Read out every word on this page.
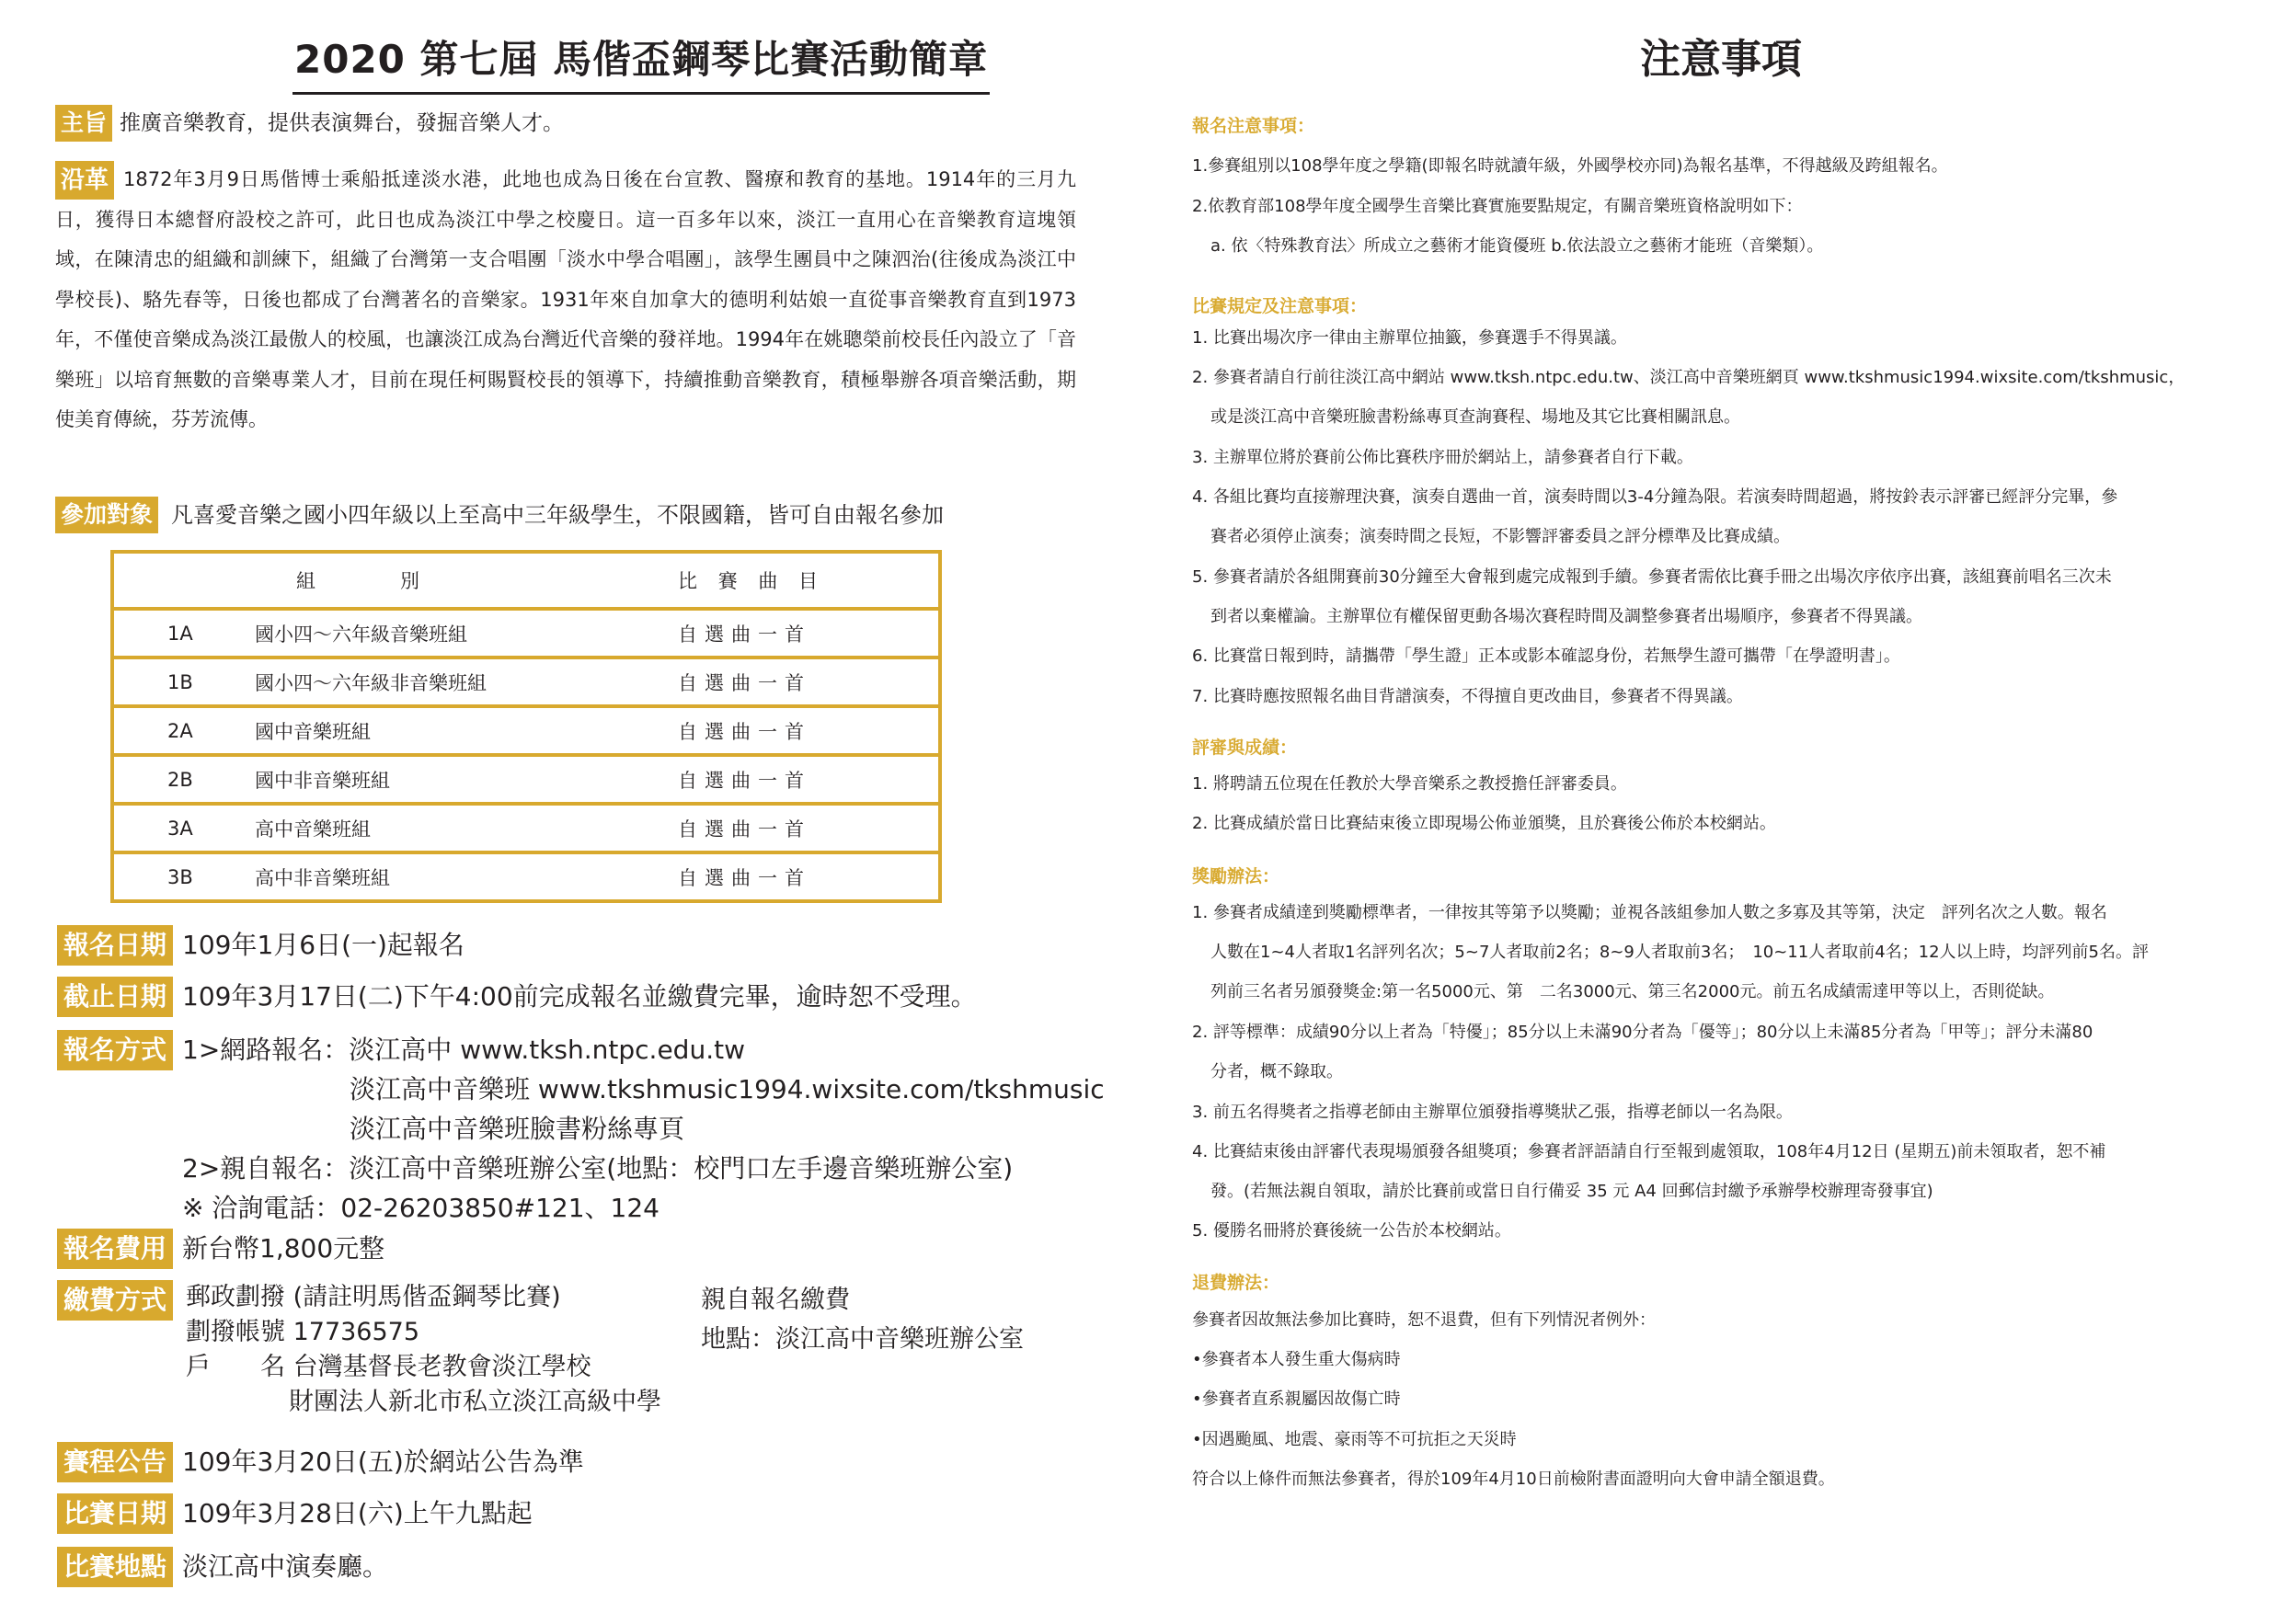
2020 第七屆 馬偕盃鋼琴比賽活動簡章
主旨 推廣音樂教育，提供表演舞台，發掘音樂人才。
沿革 1872年3月9日馬偕博士乘船抵達淡水港，此地也成為日後在台宣教、醫療和教育的基地。1914年的三月九日，獲得日本總督府設校之許可，此日也成為淡江中學之校慶日。這一百多年以來，淡江一直用心在音樂教育這塊領域，在陳清忠的組織和訓練下，組織了台灣第一支合唱團「淡水中學合唱團」，該學生團員中之陳泗治(往後成為淡江中學校長)、駱先春等，日後也都成了台灣著名的音樂家。1931年來自加拿大的德明利姑娘一直從事音樂教育直到1973 年，不僅使音樂成為淡江最傲人的校風，也讓淡江成為台灣近代音樂的發祥地。1994年在姚聰榮前校長任內設立了「音樂班」以培育無數的音樂專業人才，目前在現任柯賜賢校長的領導下，持續推動音樂教育，積極舉辦各項音樂活動，期使美育傳統，芬芳流傳。
參加對象 凡喜愛音樂之國小四年級以上至高中三年級學生，不限國籍，皆可自由報名參加
組 別		比 賽 曲 目
1A	國小四～六年級音樂班組	自選曲一首
1B	國小四～六年級非音樂班組	自選曲一首
2A	國中音樂班組	自選曲一首
2B	國中非音樂班組	自選曲一首
3A	高中音樂班組	自選曲一首
3B	高中非音樂班組	自選曲一首
報名日期 109年1月6日(一)起報名
截止日期 109年3月17日(二)下午4:00前完成報名並繳費完畢，逾時恕不受理。
報名方式 1>網路報名：淡江高中 www.tksh.ntpc.edu.tw
淡江高中音樂班 www.tkshmusic1994.wixsite.com/tkshmusic
淡江高中音樂班臉書粉絲專頁
2>親自報名：淡江高中音樂班辦公室(地點：校門口左手邊音樂班辦公室)
※ 洽詢電話：02-26203850#121、124
報名費用 新台幣1,800元整
繳費方式 郵政劃撥 (請註明馬偕盃鋼琴比賽)
劃撥帳號 17736575
戶　　名 台灣基督長老教會淡江學校
財團法人新北市私立淡江高級中學
親自報名繳費
地點：淡江高中音樂班辦公室
賽程公告 109年3月20日(五)於網站公告為準
比賽日期 109年3月28日(六)上午九點起
比賽地點 淡江高中演奏廳。
注意事項
報名注意事項：
1.參賽組別以108學年度之學籍(即報名時就讀年級，外國學校亦同)為報名基準，不得越級及跨組報名。
2.依教育部108學年度全國學生音樂比賽實施要點規定，有關音樂班資格說明如下：
a. 依〈特殊教育法〉所成立之藝術才能資優班 b.依法設立之藝術才能班（音樂類）。
比賽規定及注意事項：
1. 比賽出場次序一律由主辦單位抽籤，參賽選手不得異議。
2. 參賽者請自行前往淡江高中網站 www.tksh.ntpc.edu.tw、淡江高中音樂班網頁 www.tkshmusic1994.wixsite.com/tkshmusic，
或是淡江高中音樂班臉書粉絲專頁查詢賽程、場地及其它比賽相關訊息。
3. 主辦單位將於賽前公佈比賽秩序冊於網站上，請參賽者自行下載。
4. 各組比賽均直接辦理決賽，演奏自選曲一首，演奏時間以3-4分鐘為限。若演奏時間超過，將按鈴表示評審已經評分完畢，參
賽者必須停止演奏；演奏時間之長短，不影響評審委員之評分標準及比賽成績。
5. 參賽者請於各組開賽前30分鐘至大會報到處完成報到手續。參賽者需依比賽手冊之出場次序依序出賽，該組賽前唱名三次未
到者以棄權論。主辦單位有權保留更動各場次賽程時間及調整參賽者出場順序，參賽者不得異議。
6. 比賽當日報到時，請攜帶「學生證」正本或影本確認身份，若無學生證可攜帶「在學證明書」。
7. 比賽時應按照報名曲目背譜演奏，不得擅自更改曲目，參賽者不得異議。
評審與成績：
1. 將聘請五位現在任教於大學音樂系之教授擔任評審委員。
2. 比賽成績於當日比賽結束後立即現場公佈並頒獎，且於賽後公佈於本校網站。
獎勵辦法：
1. 參賽者成績達到獎勵標準者，一律按其等第予以獎勵；並視各該組參加人數之多寡及其等第，決定　評列名次之人數。報名
人數在1~4人者取1名評列名次；5~7人者取前2名；8~9人者取前3名；　10~11人者取前4名；12人以上時，均評列前5名。評
列前三名者另頒發獎金:第一名5000元、第　二名3000元、第三名2000元。前五名成績需達甲等以上，否則從缺。
2. 評等標準：成績90分以上者為「特優」；85分以上未滿90分者為「優等」；80分以上未滿85分者為「甲等」；評分未滿80
分者，概不錄取。
3. 前五名得獎者之指導老師由主辦單位頒發指導獎狀乙張，指導老師以一名為限。
4. 比賽結束後由評審代表現場頒發各組獎項；參賽者評語請自行至報到處領取，108年4月12日 (星期五)前未領取者，恕不補
發。(若無法親自領取，請於比賽前或當日自行備妥 35 元 A4 回郵信封繳予承辦學校辦理寄發事宜)
5. 優勝名冊將於賽後統一公告於本校網站。
退費辦法：
參賽者因故無法參加比賽時，恕不退費，但有下列情況者例外：
•參賽者本人發生重大傷病時
•參賽者直系親屬因故傷亡時
•因遇颱風、地震、豪雨等不可抗拒之天災時
符合以上條件而無法參賽者，得於109年4月10日前檢附書面證明向大會申請全額退費。
